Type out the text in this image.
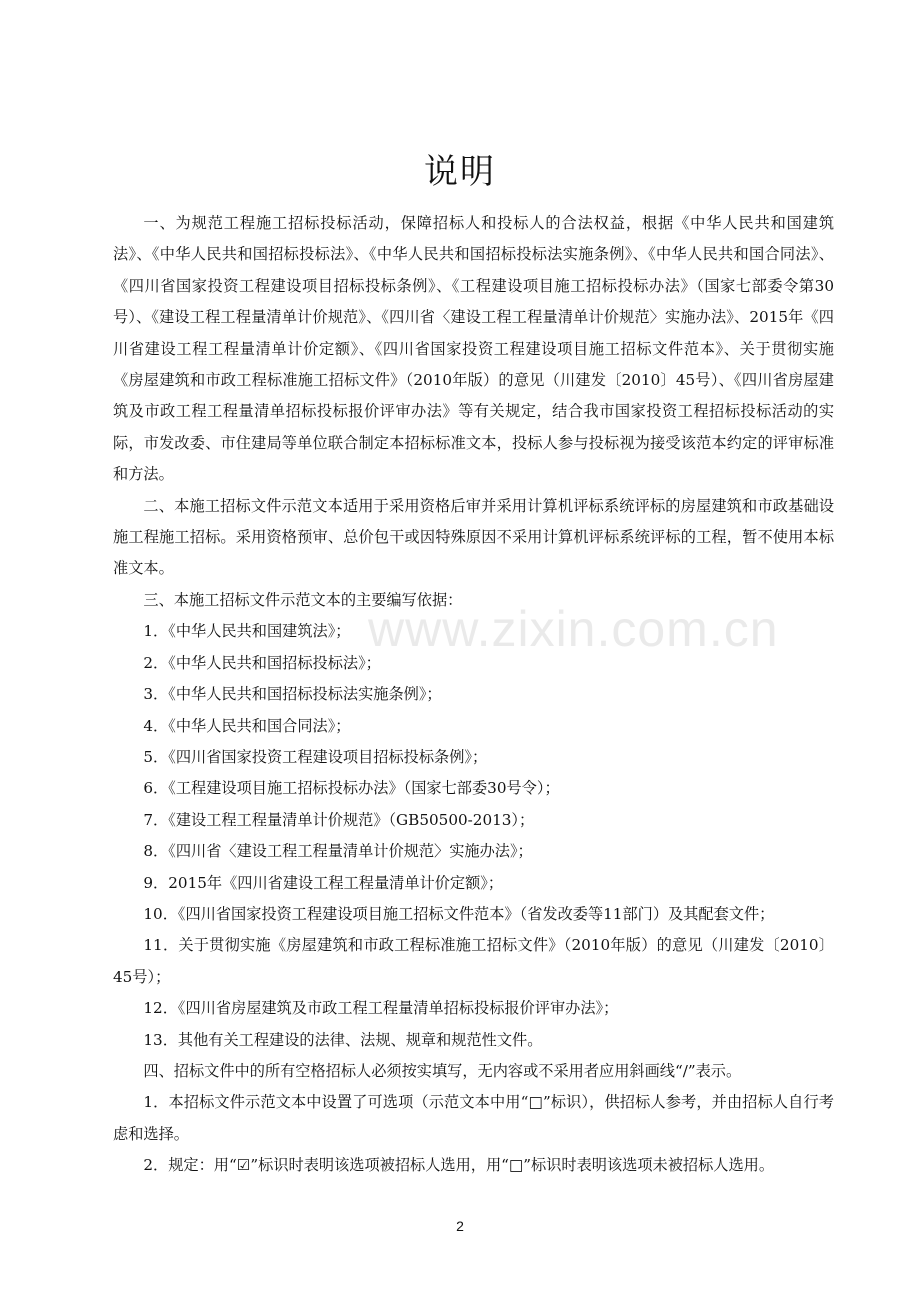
说明

一、为规范工程施工招标投标活动，保障招标人和投标人的合法权益，根据《中华人民共和国建筑法》、《中华人民共和国招标投标法》、《中华人民共和国招标投标法实施条例》、《中华人民共和国合同法》、《四川省国家投资工程建设项目招标投标条例》、《工程建设项目施工招标投标办法》（国家七部委令第30号）、《建设工程工程量清单计价规范》、《四川省〈建设工程工程量清单计价规范〉实施办法》、2015年《四川省建设工程工程量清单计价定额》、《四川省国家投资工程建设项目施工招标文件范本》、关于贯彻实施《房屋建筑和市政工程标准施工招标文件》（2010年版）的意见（川建发〔2010〕45号）、《四川省房屋建筑及市政工程工程量清单招标投标报价评审办法》等有关规定，结合我市国家投资工程招标投标活动的实际，市发改委、市住建局等单位联合制定本招标标准文本，投标人参与投标视为接受该范本约定的评审标准和方法。

二、本施工招标文件示范文本适用于采用资格后审并采用计算机评标系统评标的房屋建筑和市政基础设施工程施工招标。采用资格预审、总价包干或因特殊原因不采用计算机评标系统评标的工程，暂不使用本标准文本。

三、本施工招标文件示范文本的主要编写依据：

1．《中华人民共和国建筑法》；

2．《中华人民共和国招标投标法》；

3．《中华人民共和国招标投标法实施条例》；

4．《中华人民共和国合同法》；

5．《四川省国家投资工程建设项目招标投标条例》；

6．《工程建设项目施工招标投标办法》（国家七部委30号令）；

7．《建设工程工程量清单计价规范》（GB50500-2013）；

8．《四川省〈建设工程工程量清单计价规范〉实施办法》；

9．2015年《四川省建设工程工程量清单计价定额》；

10．《四川省国家投资工程建设项目施工招标文件范本》（省发改委等11部门）及其配套文件；

11．关于贯彻实施《房屋建筑和市政工程标准施工招标文件》（2010年版）的意见（川建发〔2010〕45号）；

12．《四川省房屋建筑及市政工程工程量清单招标投标报价评审办法》；

13．其他有关工程建设的法律、法规、规章和规范性文件。

四、招标文件中的所有空格招标人必须按实填写，无内容或不采用者应用斜画线“/”表示。

1．本招标文件示范文本中设置了可选项（示范文本中用“□”标识），供招标人参考，并由招标人自行考虑和选择。

2．规定：用“☑”标识时表明该选项被招标人选用，用“□”标识时表明该选项未被招标人选用。

www.zixin.com.cn
2
